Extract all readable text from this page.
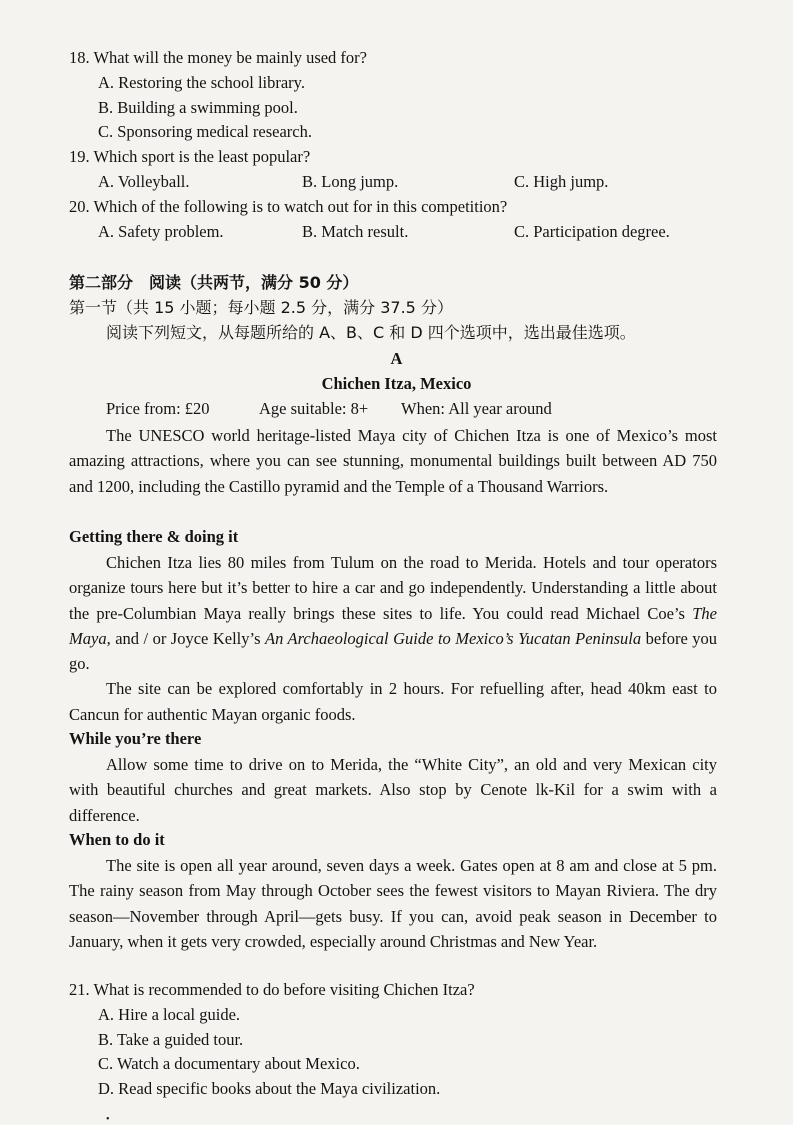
18. What will the money be mainly used for?
A. Restoring the school library.
B. Building a swimming pool.
C. Sponsoring medical research.
19. Which sport is the least popular?
A. Volleyball.	B. Long jump.	C. High jump.
20. Which of the following is to watch out for in this competition?
A. Safety problem.	B. Match result.	C. Participation degree.
第二部分　阅读（共两节，满分 50 分）
第一节（共 15 小题；每小题 2.5 分，满分 37.5 分）
阅读下列短文，从每题所给的 A、B、C 和 D 四个选项中，选出最佳选项。
A
Chichen Itza, Mexico
Price from: £20	Age suitable: 8+ When: All year around

The UNESCO world heritage-listed Maya city of Chichen Itza is one of Mexico’s most amazing attractions, where you can see stunning, monumental buildings built between AD 750 and 1200, including the Castillo pyramid and the Temple of a Thousand Warriors.

Getting there & doing it

Chichen Itza lies 80 miles from Tulum on the road to Merida. Hotels and tour operators organize tours here but it’s better to hire a car and go independently. Understanding a little about the pre-Columbian Maya really brings these sites to life. You could read Michael Coe’s The Maya, and / or Joyce Kelly’s An Archaeological Guide to Mexico’s Yucatan Peninsula before you go.

The site can be explored comfortably in 2 hours. For refuelling after, head 40km east to Cancun for authentic Mayan organic foods.

While you’re there

Allow some time to drive on to Merida, the “White City”, an old and very Mexican city with beautiful churches and great markets. Also stop by Cenote lk-Kil for a swim with a difference.

When to do it

The site is open all year around, seven days a week. Gates open at 8 am and close at 5 pm. The rainy season from May through October sees the fewest visitors to Mayan Riviera. The dry season—November through April—gets busy. If you can, avoid peak season in December to January, when it gets very crowded, especially around Christmas and New Year.

21. What is recommended to do before visiting Chichen Itza?
A. Hire a local guide.
B. Take a guided tour.
C. Watch a documentary about Mexico.
D. Read specific books about the Maya civilization.
•
